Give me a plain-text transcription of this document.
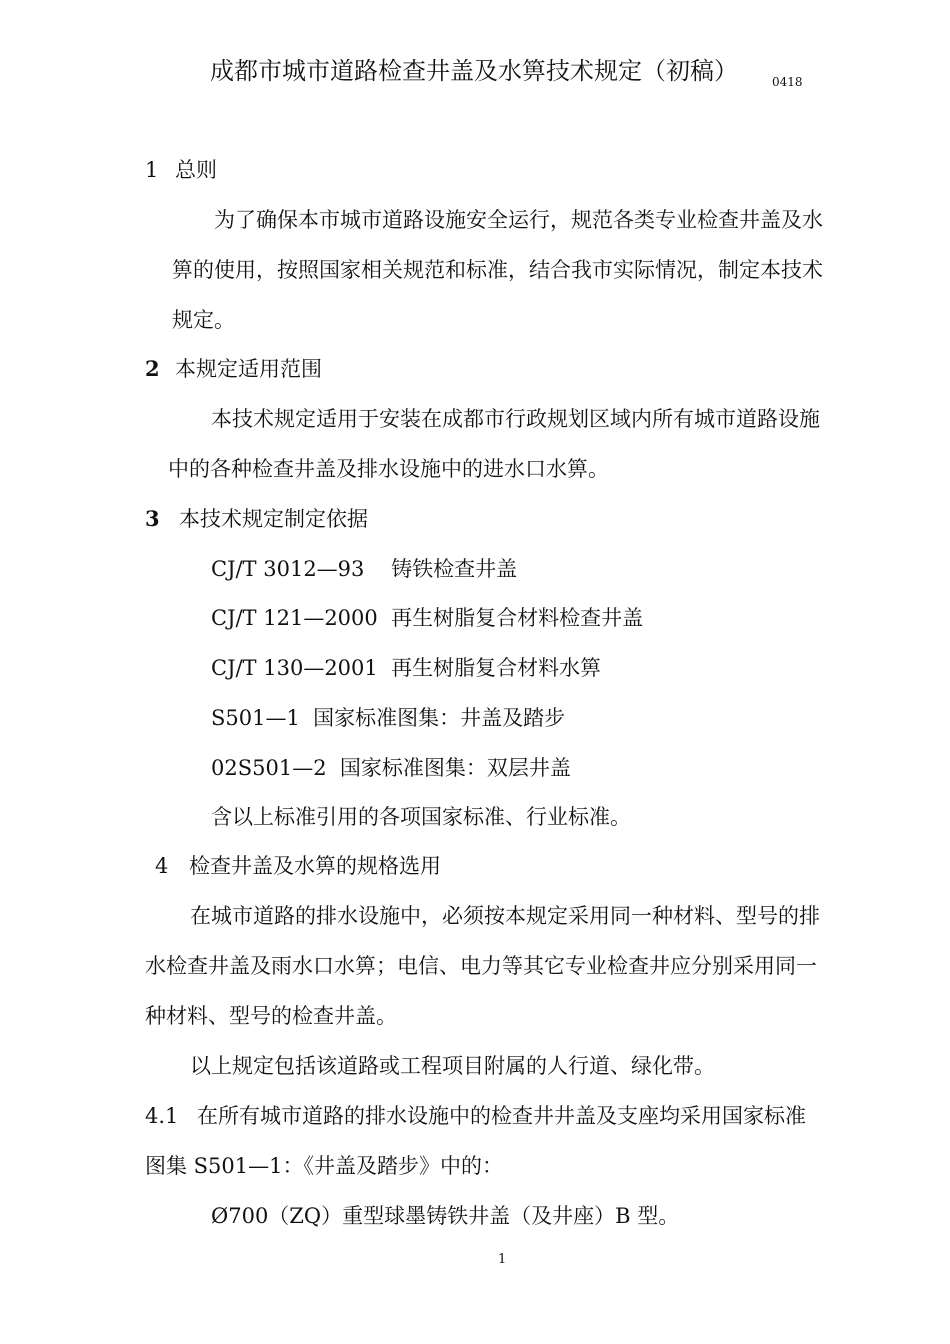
成都市城市道路检查井盖及水箅技术规定（初稿）	0418
1 总则
为了确保本市城市道路设施安全运行，规范各类专业检查井盖及水
箅的使用，按照国家相关规范和标准，结合我市实际情况，制定本技术
规定。
2 本规定适用范围
本技术规定适用于安装在成都市行政规划区域内所有城市道路设施
中的各种检查井盖及排水设施中的进水口水箅。
3 本技术规定制定依据
CJ/T 3012—93    铸铁检查井盖
CJ/T 121—2000  再生树脂复合材料检查井盖
CJ/T 130—2001  再生树脂复合材料水箅
S501—1  国家标准图集：井盖及踏步
02S501—2  国家标准图集：双层井盖
含以上标准引用的各项国家标准、行业标准。
4 检查井盖及水箅的规格选用
在城市道路的排水设施中，必须按本规定采用同一种材料、型号的排
水检查井盖及雨水口水箅；电信、电力等其它专业检查井应分别采用同一
种材料、型号的检查井盖。
以上规定包括该道路或工程项目附属的人行道、绿化带。
4.1 在所有城市道路的排水设施中的检查井井盖及支座均采用国家标准
图集 S501—1：《井盖及踏步》中的：
Ø700（ZQ）重型球墨铸铁井盖（及井座）B 型。
1
